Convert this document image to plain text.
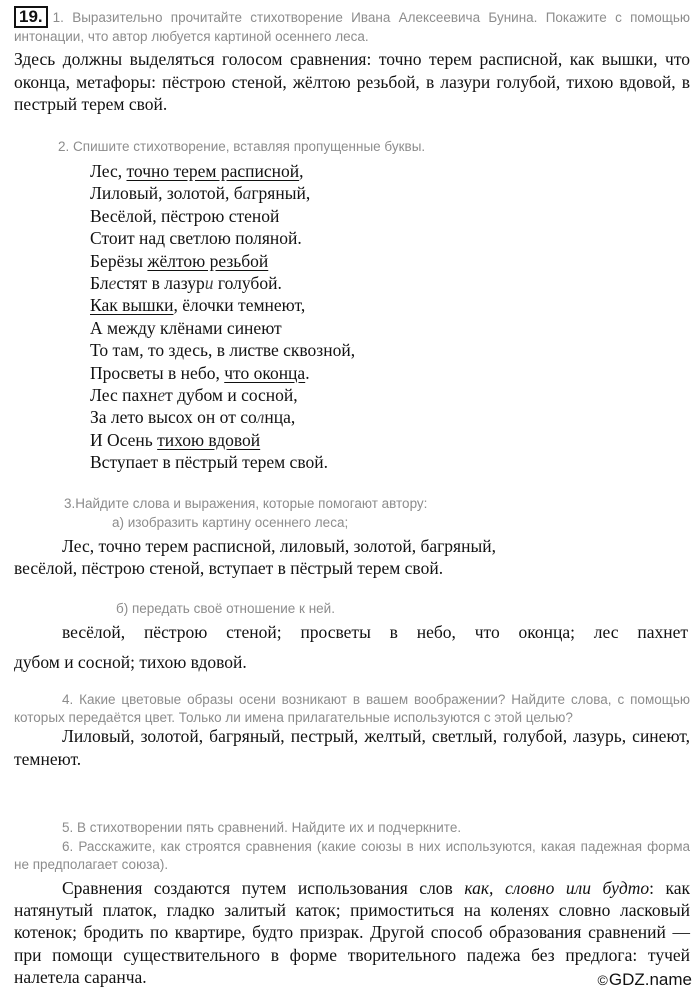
19. 1. Выразительно прочитайте стихотворение Ивана Алексеевича Бунина. Покажите с помощью интонации, что автор любуется картиной осеннего леса.
Здесь должны выделяться голосом сравнения: точно терем расписной, как вышки, что оконца, метафоры: пёстрою стеной, жёлтою резьбой, в лазури голубой, тихою вдовой, в пестрый терем свой.
2. Спишите стихотворение, вставляя пропущенные буквы.
Лес, точно терем расписной,
Лиловый, золотой, багряный,
Весёлой, пёстрою стеной
Стоит над светлою поляной.
Берёзы жёлтою резьбой
Блестят в лазури голубой.
Как вышки, ёлочки темнеют,
А между клёнами синеют
То там, то здесь, в листве сквозной,
Просветы в небо, что оконца.
Лес пахнет дубом и сосной,
За лето высох он от солнца,
И Осень тихою вдовой
Вступает в пёстрый терем свой.
3.Найдите слова и выражения, которые помогают автору:
а) изобразить картину осеннего леса;
Лес, точно терем расписной, лиловый, золотой, багряный,
весёлой, пёстрою стеной, вступает в пёстрый терем свой.
б) передать своё отношение к ней.
весёлой, пёстрою стеной; просветы в небо, что оконца; лес пахнет
дубом и сосной; тихою вдовой.
4. Какие цветовые образы осени возникают в вашем воображении? Найдите слова, с помощью которых передаётся цвет. Только ли имена прилагательные используются с этой целью?
Лиловый, золотой, багряный, пестрый, желтый, светлый, голубой, лазурь, синеют, темнеют.
5. В стихотворении пять сравнений. Найдите их и подчеркните.
6. Расскажите, как строятся сравнения (какие союзы в них используются, какая падежная форма не предполагает союза).
Сравнения создаются путем использования слов как, словно или будто: как натянутый платок, гладко залитый каток; примоститься на коленях словно ласковый котенок; бродить по квартире, будто призрак. Другой способ образования сравнений —при помощи существительного в форме творительного падежа без предлога: тучей налетела саранча.	©GDZ.name
